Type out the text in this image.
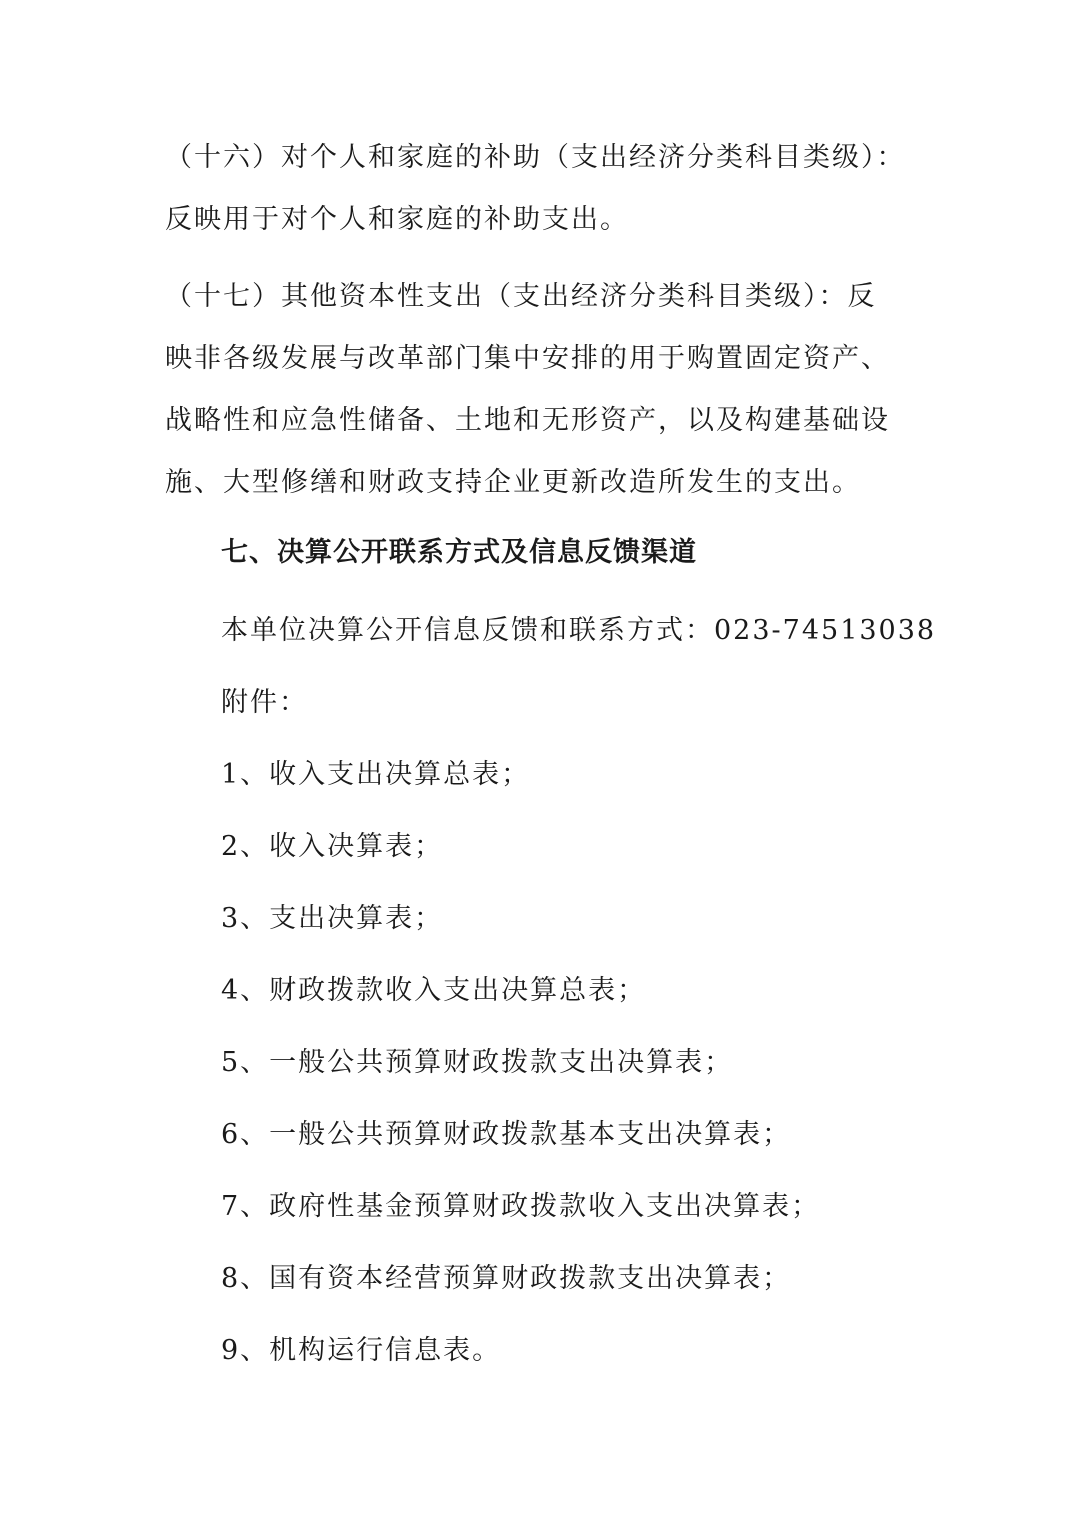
（十六）对个人和家庭的补助（支出经济分类科目类级）：
反映用于对个人和家庭的补助支出。

（十七）其他资本性支出（支出经济分类科目类级）：反
映非各级发展与改革部门集中安排的用于购置固定资产、
战略性和应急性储备、土地和无形资产，以及构建基础设
施、大型修缮和财政支持企业更新改造所发生的支出。

七、决算公开联系方式及信息反馈渠道

本单位决算公开信息反馈和联系方式：023-74513038

附件：

1、收入支出决算总表；
2、收入决算表；
3、支出决算表；
4、财政拨款收入支出决算总表；
5、一般公共预算财政拨款支出决算表；
6、一般公共预算财政拨款基本支出决算表；
7、政府性基金预算财政拨款收入支出决算表；
8、国有资本经营预算财政拨款支出决算表；
9、机构运行信息表。
